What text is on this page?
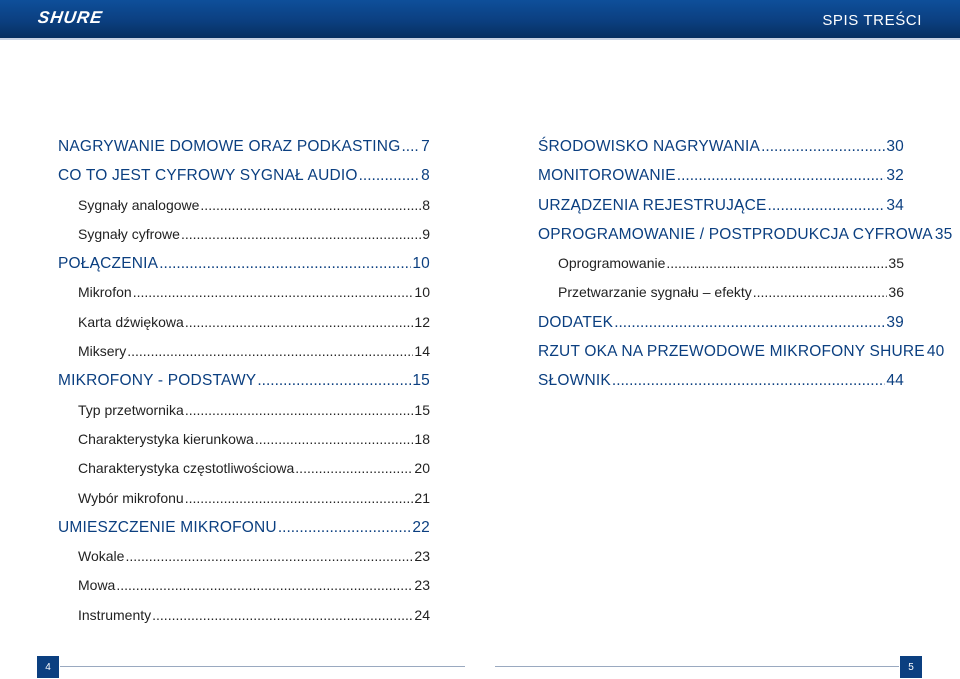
SHURE	SPIS TREŚCI
NAGRYWANIE DOMOWE ORAZ PODKASTING ..... 7
CO TO JEST CYFROWY SYGNAŁ AUDIO .....	8
Sygnały analogowe .....	8
Sygnały cyfrowe .....	9
POŁĄCZENIA .....	10
Mikrofon .....	10
Karta dźwiękowa .....	12
Miksery .....	14
MIKROFONY - PODSTAWY .....	15
Typ przetwornika .....	15
Charakterystyka kierunkowa .....	18
Charakterystyka częstotliwościowa .....	20
Wybór mikrofonu .....	21
UMIESZCZENIE MIKROFONU .....	22
Wokale .....	23
Mowa .....	23
Instrumenty .....	24
ŚRODOWISKO NAGRYWANIA .....	30
MONITOROWANIE .....	32
URZĄDZENIA REJESTRUJĄCE .....	34
OPROGRAMOWANIE / POSTPRODUKCJA CYFROWA 35
Oprogramowanie .....	35
Przetwarzanie sygnału – efekty .....	36
DODATEK .....	39
RZUT OKA NA PRZEWODOWE MIKROFONY SHURE 40
SŁOWNIK .....	44
4	5
